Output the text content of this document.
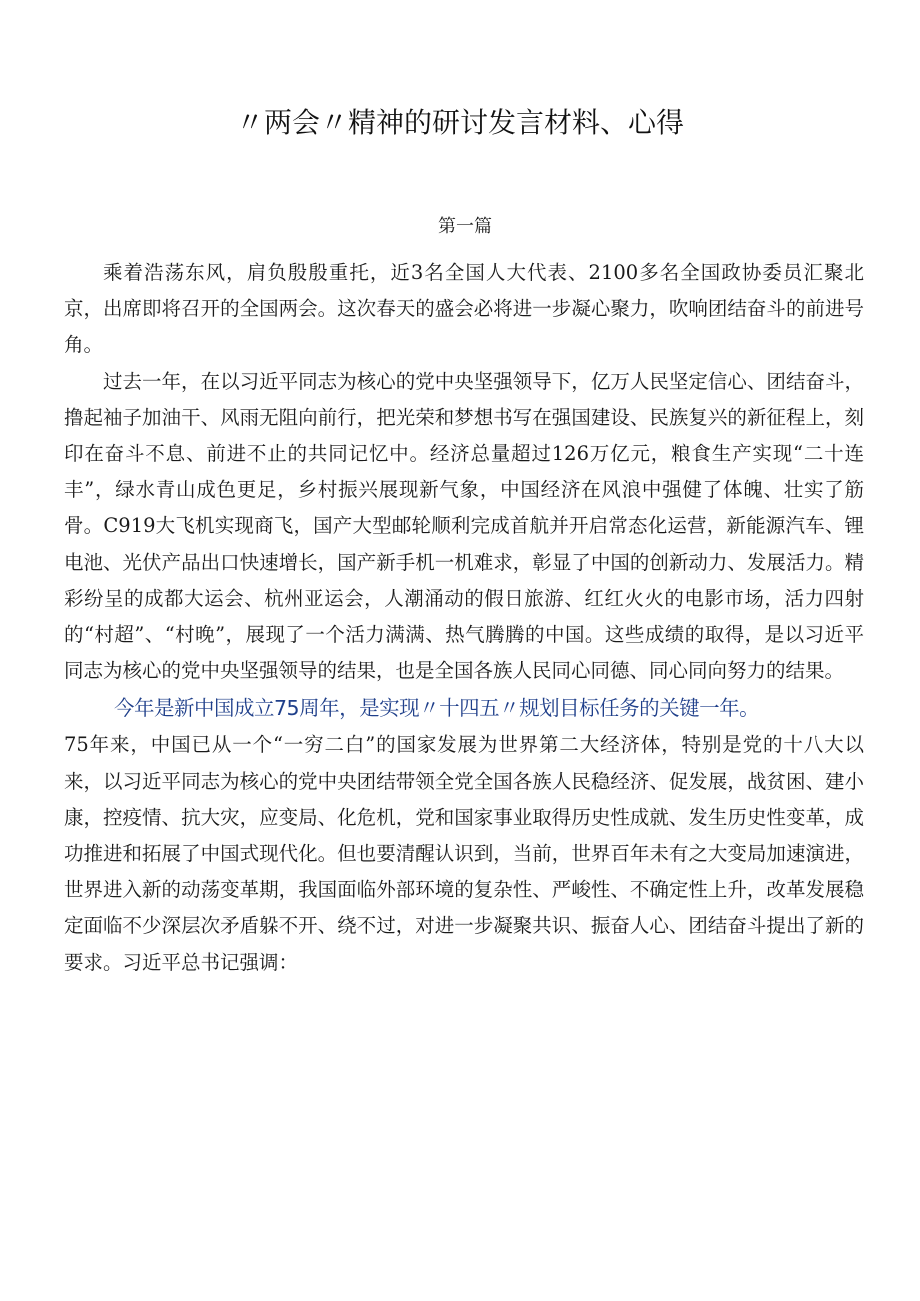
〃两会〃精神的研讨发言材料、心得

第一篇

乘着浩荡东风，肩负殷殷重托，近3名全国人大代表、2100多名全国政协委员汇聚北京，出席即将召开的全国两会。这次春天的盛会必将进一步凝心聚力，吹响团结奋斗的前进号角。

过去一年，在以习近平同志为核心的党中央坚强领导下，亿万人民坚定信心、团结奋斗，撸起袖子加油干、风雨无阻向前行，把光荣和梦想书写在强国建设、民族复兴的新征程上，刻印在奋斗不息、前进不止的共同记忆中。经济总量超过126万亿元，粮食生产实现“二十连丰”，绿水青山成色更足，乡村振兴展现新气象，中国经济在风浪中强健了体魄、壮实了筋骨。C919大飞机实现商飞，国产大型邮轮顺利完成首航并开启常态化运营，新能源汽车、锂电池、光伏产品出口快速增长，国产新手机一机难求，彰显了中国的创新动力、发展活力。精彩纷呈的成都大运会、杭州亚运会，人潮涌动的假日旅游、红红火火的电影市场，活力四射的“村超”、“村晚”，展现了一个活力满满、热气腾腾的中国。这些成绩的取得，是以习近平同志为核心的党中央坚强领导的结果，也是全国各族人民同心同德、同心同向努力的结果。

今年是新中国成立75周年，是实现〃十四五〃规划目标任务的关键一年。

75年来，中国已从一个“一穷二白”的国家发展为世界第二大经济体，特别是党的十八大以来，以习近平同志为核心的党中央团结带领全党全国各族人民稳经济、促发展，战贫困、建小康，控疫情、抗大灾，应变局、化危机，党和国家事业取得历史性成就、发生历史性变革，成功推进和拓展了中国式现代化。但也要清醒认识到，当前，世界百年未有之大变局加速演进，世界进入新的动荡变革期，我国面临外部环境的复杂性、严峻性、不确定性上升，改革发展稳定面临不少深层次矛盾躲不开、绕不过，对进一步凝聚共识、振奋人心、团结奋斗提出了新的要求。习近平总书记强调：
